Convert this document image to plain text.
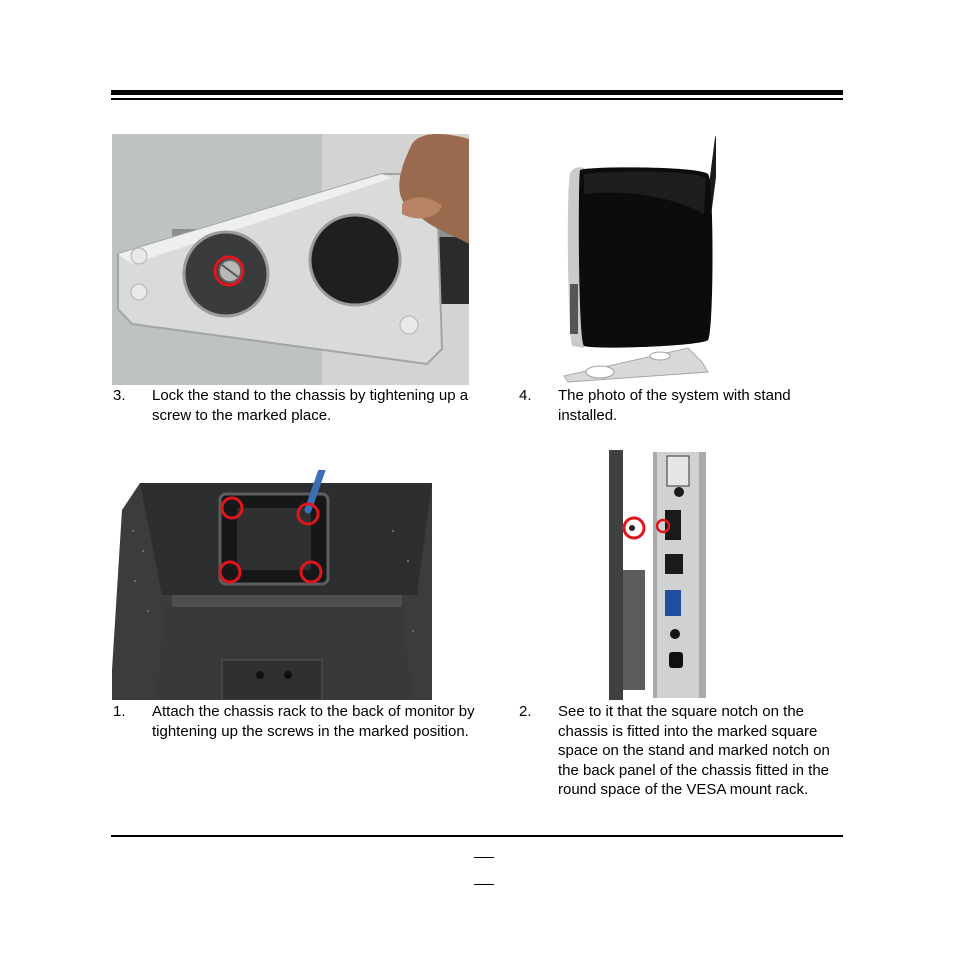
3. Lock the stand to the chassis by tightening up a screw to the marked place.
4. The photo of the system with stand installed.
1. Attach the chassis rack to the back of monitor by tightening up the screws in the marked position.
2. See to it that the square notch on the chassis is fitted into the marked square space on the stand and marked notch on the back panel of the chassis fitted in the round space of the VESA mount rack.
